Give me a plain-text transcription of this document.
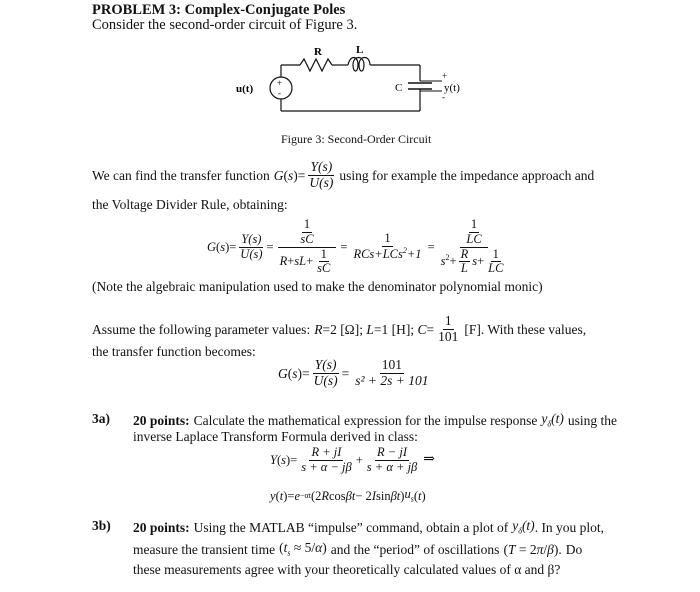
PROBLEM 3: Complex-Conjugate Poles
Consider the second-order circuit of Figure 3.
R	L
C
u(t)	+
-
+
y(t)
-
Figure 3: Second-Order Circuit
We can find the transfer function G ( s )= $\frac{Y(s)}{U(s)}$ using for example the impedance approach and
the Voltage Divider Rule, obtaining:
G ( s )= $\frac{Y(s)}{U(s)} = \frac{\frac{1}{sC}}{R+sL+ \frac{1}{sC}} = \frac{1}{RCs+LCs^2+1} = \frac{\frac{1}{LC}}{s^2+ \frac{R}{L} s+ \frac{1}{LC}}$
(Note the algebraic manipulation used to make the denominator polynomial monic)
Assume the following parameter values: R=2 [Ω]; L=1 [H]; $C= \frac{1}{101} [F]$. With these values,
the transfer function becomes:
G ( s )= $\frac{Y(s)}{U(s)} = \frac{101}{\text{s² + 2s + 101}}$
3a) 20 points: Calculate the mathematical expression for the impulse response $y_\delta(t)$ using the
inverse Laplace Transform Formula derived in class:
Y ( s )= $\frac{R + jI}{s + \alpha - j\beta} + \frac{R - jI}{s + \alpha + j\beta}$ ⇒
y ( t )= e −αt (2 R cos βt − 2 I sin βt ) $u_s$ ( t )
3b) 20 points: Using the MATLAB “impulse” command, obtain a plot of $y_\delta(t)$ . In you plot,
measure the transient time $(t_s \approx 5/\alpha)$ and the “period” of oscillations (T = 2π/β). Do
these measurements agree with your theoretically calculated values of α and β?
